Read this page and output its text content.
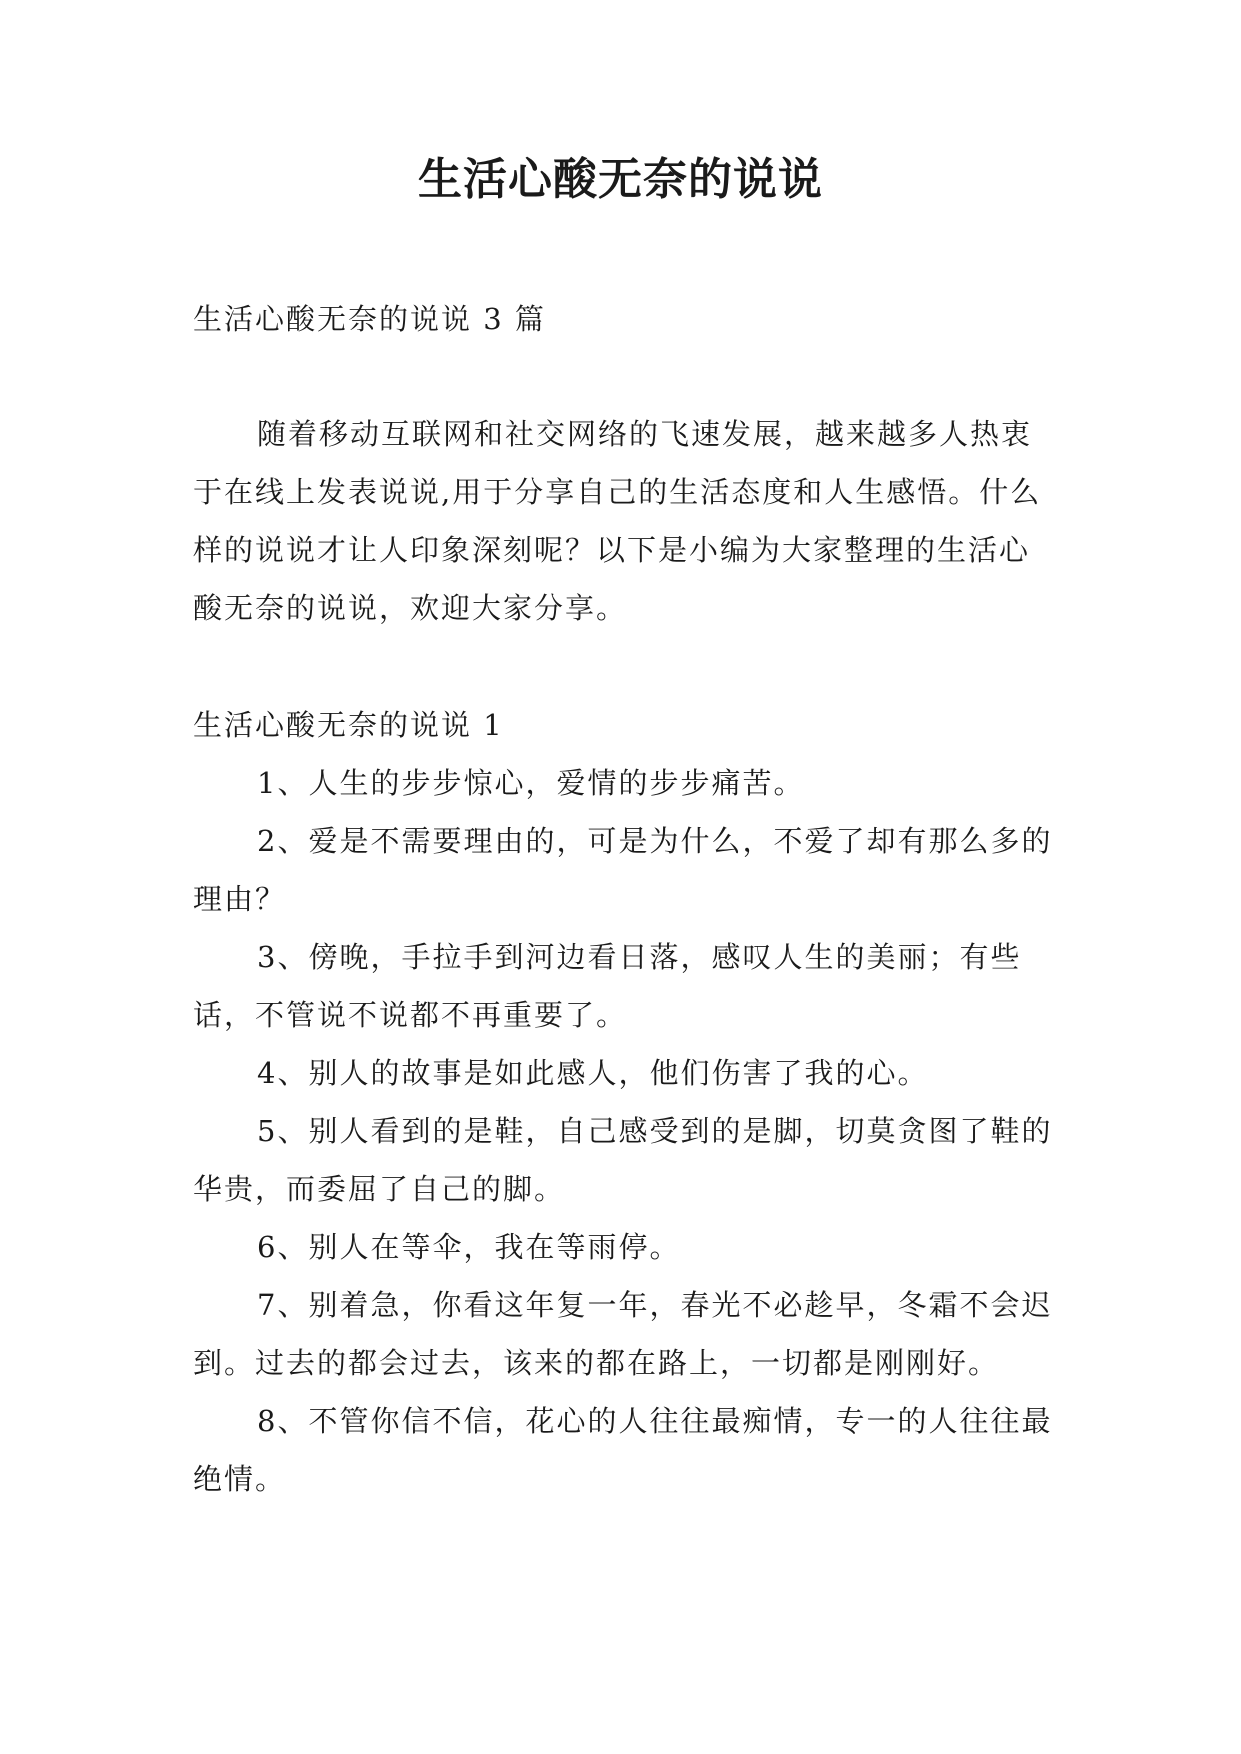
生活心酸无奈的说说

生活心酸无奈的说说 3 篇

随着移动互联网和社交网络的飞速发展，越来越多人热衷于在线上发表说说,用于分享自己的生活态度和人生感悟。什么样的说说才让人印象深刻呢？以下是小编为大家整理的生活心酸无奈的说说，欢迎大家分享。

生活心酸无奈的说说 1

1、人生的步步惊心，爱情的步步痛苦。

2、爱是不需要理由的，可是为什么，不爱了却有那么多的理由？

3、傍晚，手拉手到河边看日落，感叹人生的美丽；有些话，不管说不说都不再重要了。

4、别人的故事是如此感人，他们伤害了我的心。

5、别人看到的是鞋，自己感受到的是脚，切莫贪图了鞋的华贵，而委屈了自己的脚。

6、别人在等伞，我在等雨停。

7、别着急，你看这年复一年，春光不必趁早，冬霜不会迟到。过去的都会过去，该来的都在路上，一切都是刚刚好。

8、不管你信不信，花心的人往往最痴情，专一的人往往最绝情。
